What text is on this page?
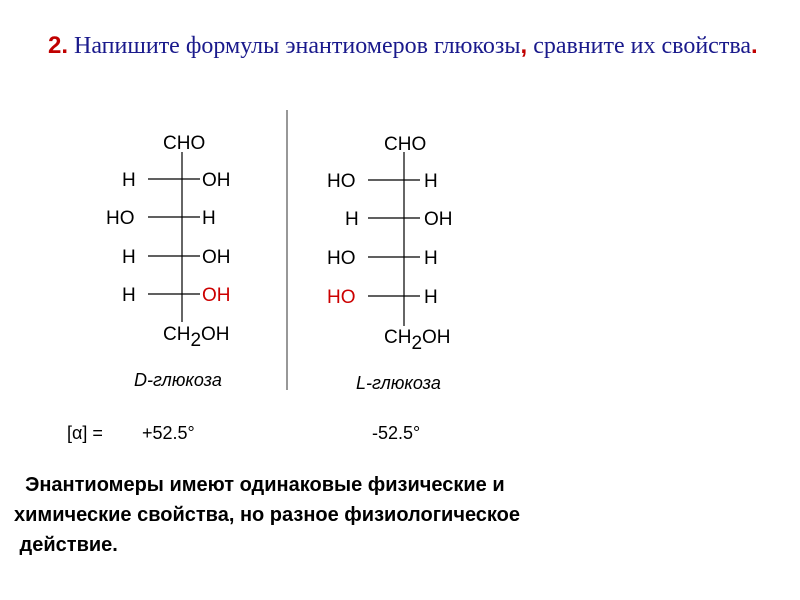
2. Напишите формулы энантиомеров глюкозы, сравните их свойства.
CHO
H	OH
HO	H
H	OH
H	OH
CH2OH
D-глюкоза
CHO
HO	H
H	OH
HO	H
HO	H
CH2OH
L-глюкоза
[α] = +52.5°	-52.5°
Энантиомеры имеют одинаковые физические и
химические свойства, но разное физиологическое
действие.
